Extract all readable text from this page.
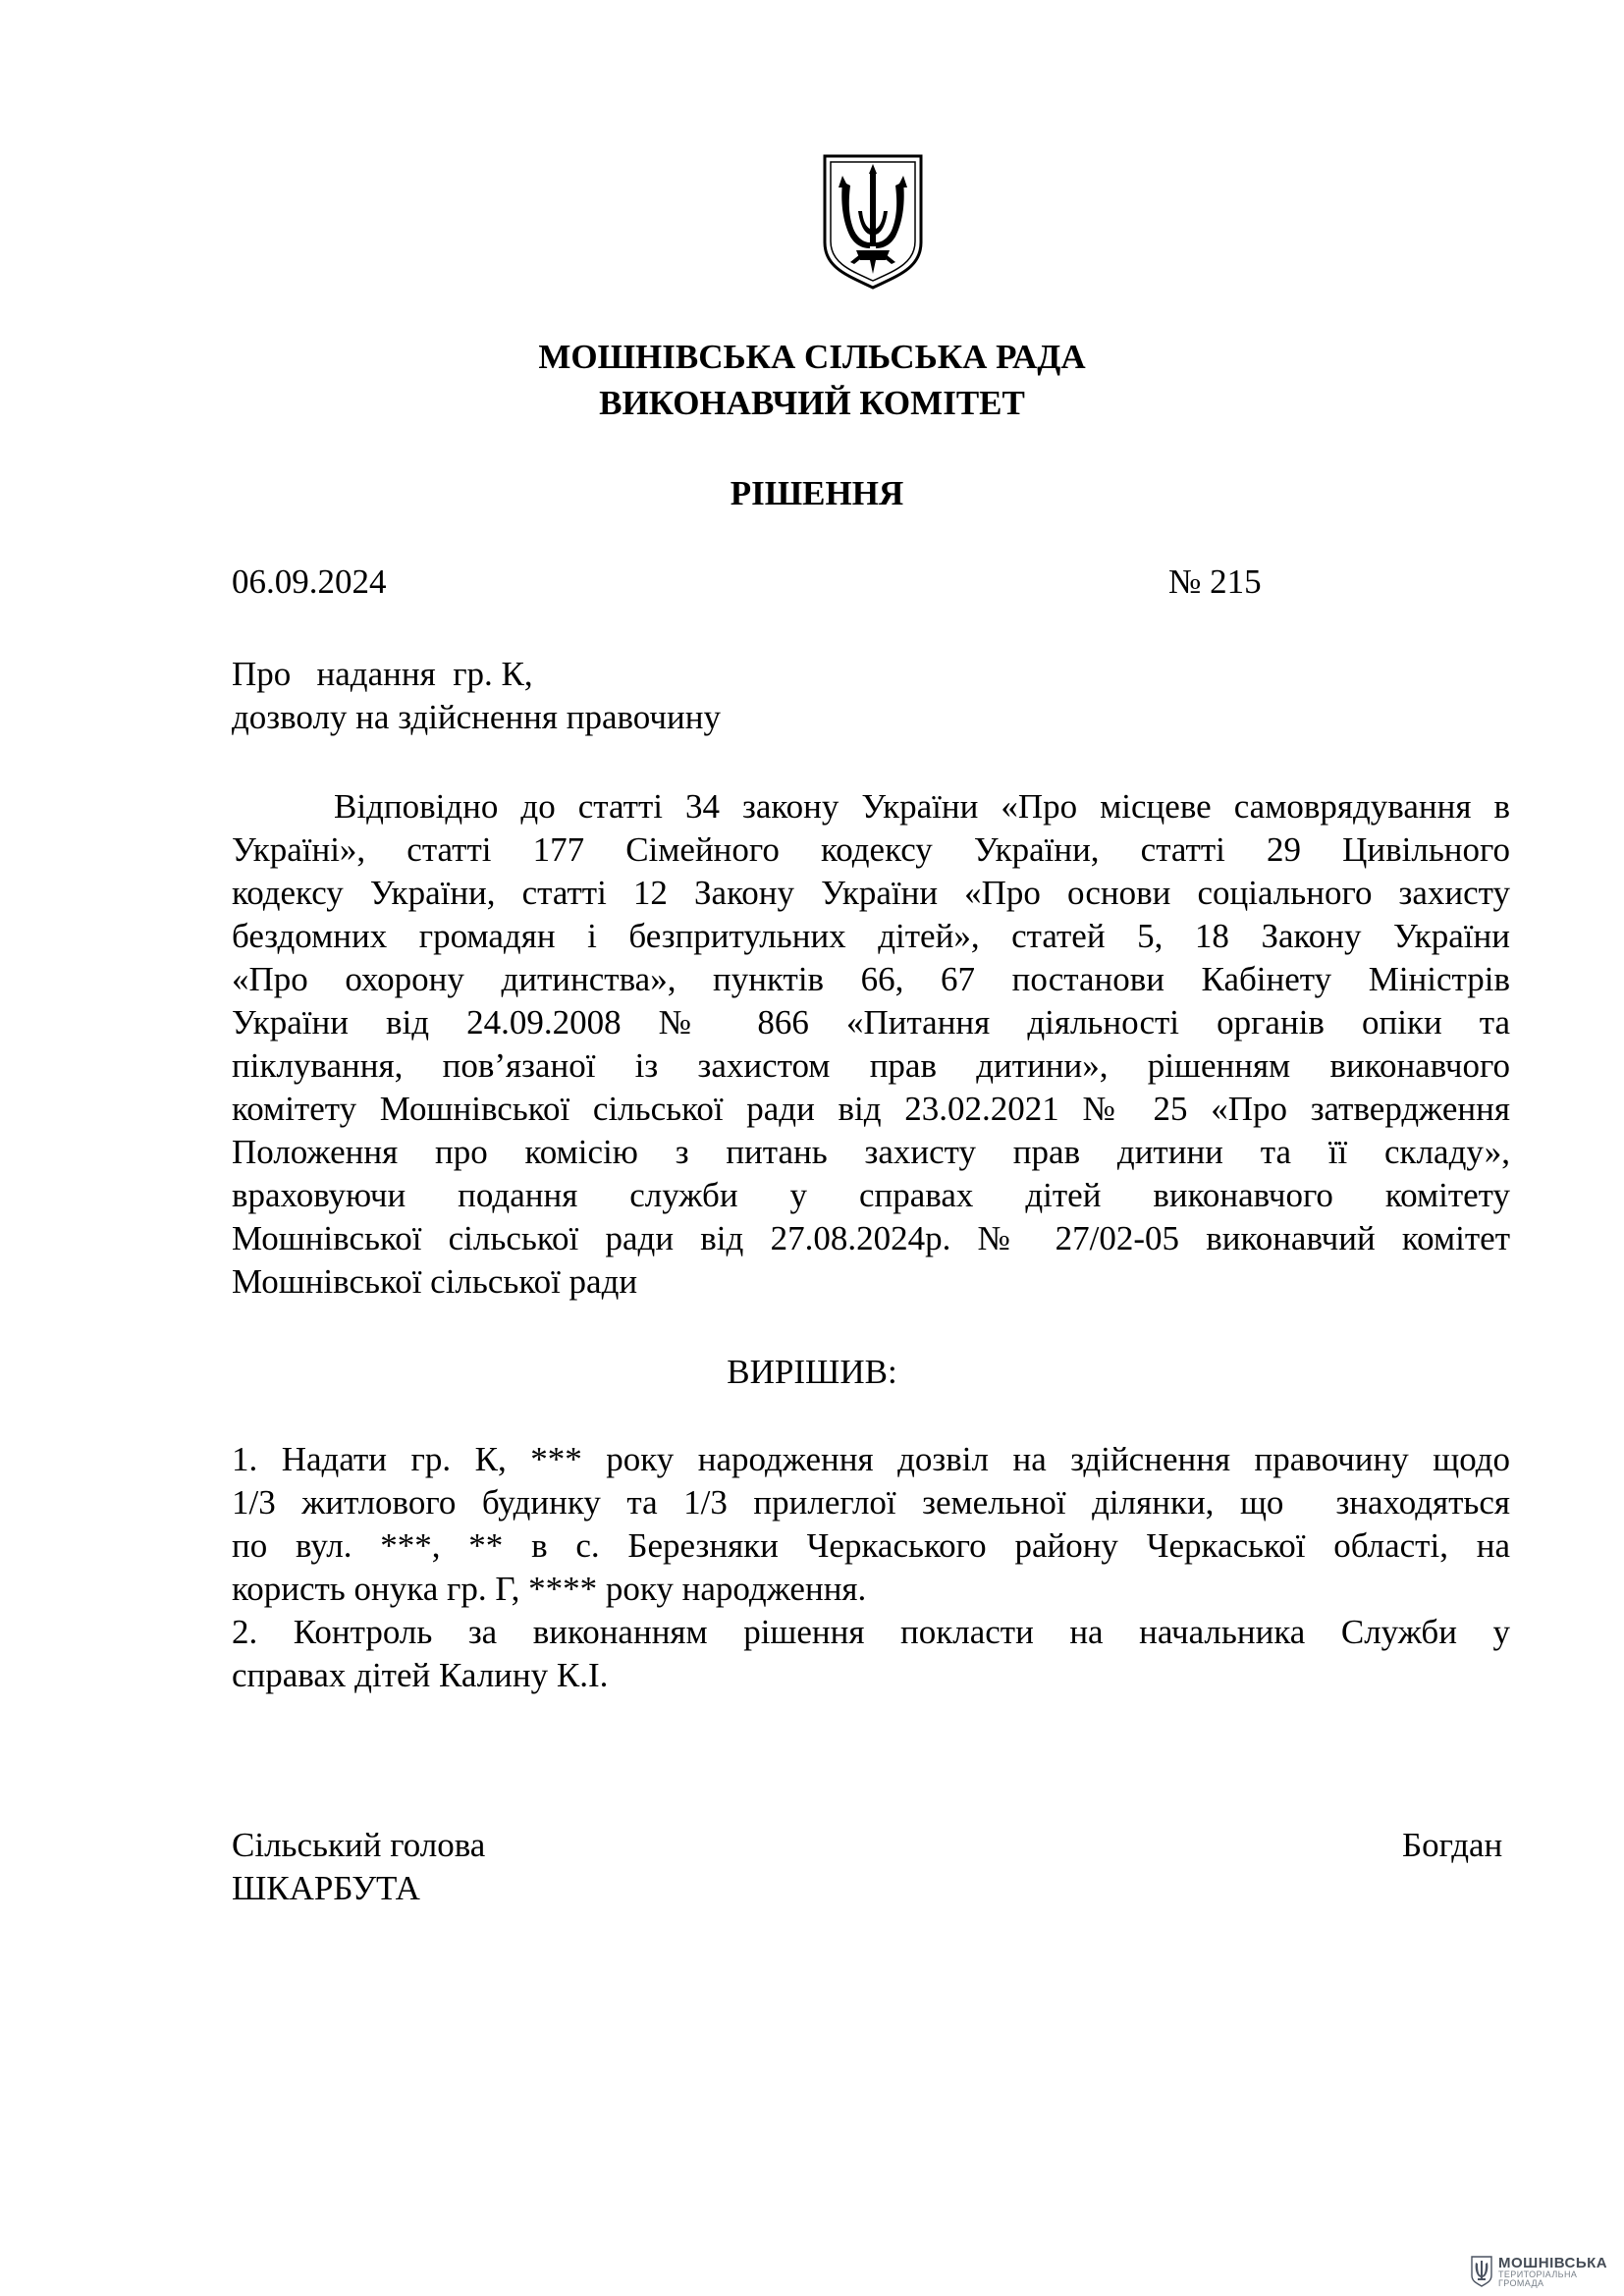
МОШНІВСЬКА СІЛЬСЬКА РАДА
ВИКОНАВЧИЙ КОМІТЕТ
РІШЕННЯ
06.09.2024	№ 215
Про   надання  гр. К,
дозволу на здійснення правочину
Відповідно до статті 34 закону України «Про місцеве самоврядування в
Україні», статті 177 Сімейного кодексу України, статті 29 Цивільного
кодексу України, статті 12 Закону України «Про основи соціального захисту
бездомних громадян і безпритульних дітей», статей 5, 18 Закону України
«Про охорону дитинства», пунктів 66, 67 постанови Кабінету Міністрів
України від 24.09.2008 № 866 «Питання діяльності органів опіки та
піклування, пов’язаної із захистом прав дитини», рішенням виконавчого
комітету Мошнівської сільської ради від 23.02.2021 № 25 «Про затвердження
Положення про комісію з питань захисту прав дитини та її складу»,
враховуючи подання служби у справах дітей виконавчого комітету
Мошнівської сільської ради від 27.08.2024р. № 27/02-05 виконавчий комітет
Мошнівської сільської ради
ВИРІШИВ:
1. Надати гр. К, *** року народження дозвіл на здійснення правочину щодо
1/3 житлового будинку та 1/3 прилеглої земельної ділянки, що  знаходяться
по вул. ***, ** в с. Березняки Черкаського району Черкаської області, на
користь онука гр. Г, **** року народження.
2. Контроль за виконанням рішення покласти на начальника Служби у
справах дітей Калину К.І.
Сільський голова	Богдан
ШКАРБУТА
МОШНІВСЬКА
ТЕРИТОРІАЛЬНА
ГРОМАДА
